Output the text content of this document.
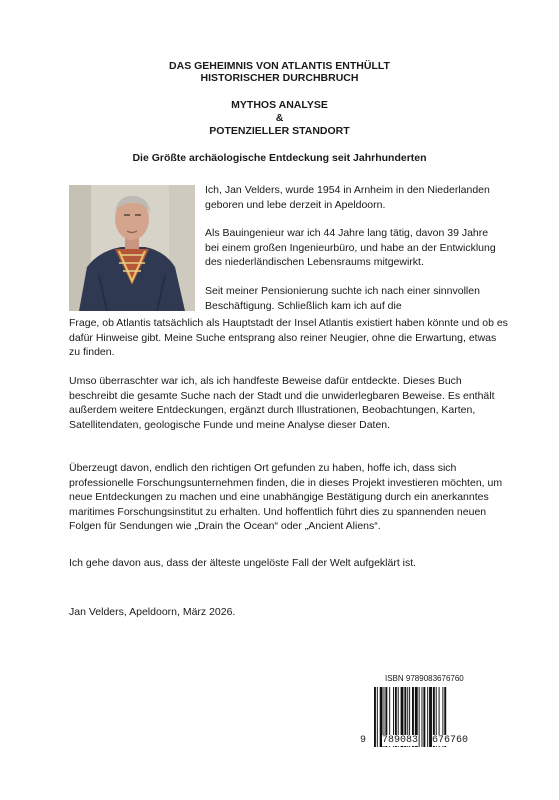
DAS GEHEIMNIS VON ATLANTIS ENTHÜLLT
HISTORISCHER DURCHBRUCH
MYTHOS ANALYSE
&
POTENZIELLER STANDORT
Die Größte archäologische Entdeckung seit Jahrhunderten

Ich, Jan Velders, wurde 1954 in Arnheim in den Niederlanden geboren und lebe derzeit in Apeldoorn.

Als Bauingenieur war ich 44 Jahre lang tätig, davon 39 Jahre bei einem großen Ingenieurbüro, und habe an der Entwicklung des niederländischen Lebensraums mitgewirkt.

Seit meiner Pensionierung suchte ich nach einer sinnvollen Beschäftigung. Schließlich kam ich auf die

Frage, ob Atlantis tatsächlich als Hauptstadt der Insel Atlantis existiert haben könnte und ob es dafür Hinweise gibt. Meine Suche entsprang also reiner Neugier, ohne die Erwartung, etwas zu finden.

Umso überraschter war ich, als ich handfeste Beweise dafür entdeckte. Dieses Buch beschreibt die gesamte Suche nach der Stadt und die unwiderlegbaren Beweise. Es enthält außerdem weitere Entdeckungen, ergänzt durch Illustrationen, Beobachtungen, Karten, Satellitendaten, geologische Funde und meine Analyse dieser Daten.

Überzeugt davon, endlich den richtigen Ort gefunden zu haben, hoffe ich, dass sich professionelle Forschungsunternehmen finden, die in dieses Projekt investieren möchten, um neue Entdeckungen zu machen und eine unabhängige Bestätigung durch ein anerkanntes maritimes Forschungsinstitut zu erhalten. Und hoffentlich führt dies zu spannenden neuen Folgen für Sendungen wie „Drain the Ocean“ oder „Ancient Aliens“.

Ich gehe davon aus, dass der älteste ungelöste Fall der Welt aufgeklärt ist.

Jan Velders, Apeldoorn, März 2026.
ISBN 9789083676760
9 789083 676760
